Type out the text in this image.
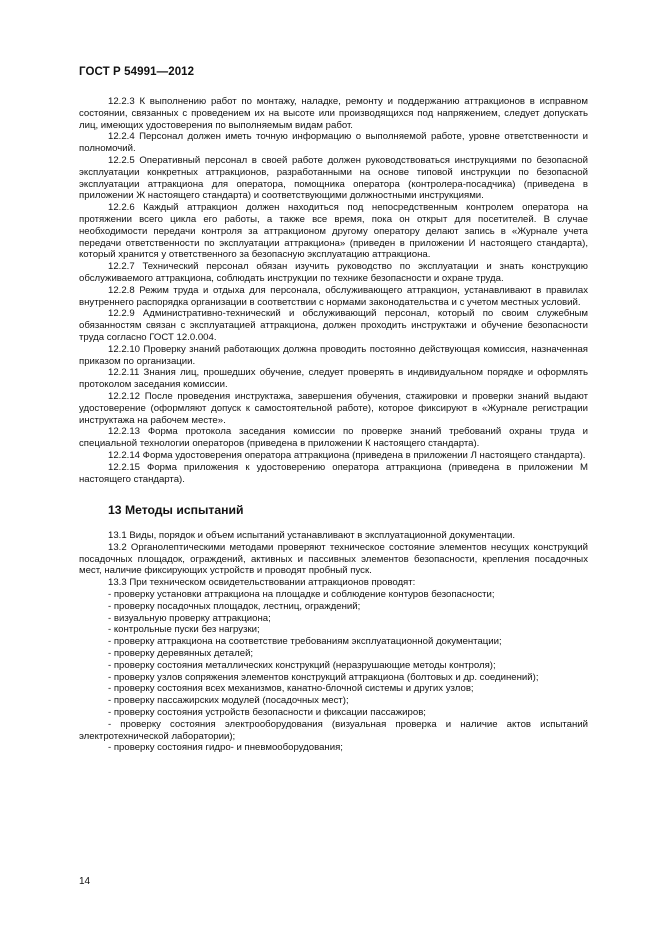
ГОСТ Р 54991—2012

12.2.3 К выполнению работ по монтажу, наладке, ремонту и поддержанию аттракционов в исправном состоянии, связанных с проведением их на высоте или производящихся под напряжением, следует допускать лиц, имеющих удостоверения по выполняемым видам работ.

12.2.4 Персонал должен иметь точную информацию о выполняемой работе, уровне ответственности и полномочий.

12.2.5 Оперативный персонал в своей работе должен руководствоваться инструкциями по безопасной эксплуатации конкретных аттракционов, разработанными на основе типовой инструкции по безопасной эксплуатации аттракциона для оператора, помощника оператора (контролера-посадчика) (приведена в приложении Ж настоящего стандарта) и соответствующими должностными инструкциями.

12.2.6 Каждый аттракцион должен находиться под непосредственным контролем оператора на протяжении всего цикла его работы, а также все время, пока он открыт для посетителей. В случае необходимости передачи контроля за аттракционом другому оператору делают запись в «Журнале учета передачи ответственности по эксплуатации аттракциона» (приведен в приложении И настоящего стандарта), который хранится у ответственного за безопасную эксплуатацию аттракциона.

12.2.7 Технический персонал обязан изучить руководство по эксплуатации и знать конструкцию обслуживаемого аттракциона, соблюдать инструкции по технике безопасности и охране труда.

12.2.8 Режим труда и отдыха для персонала, обслуживающего аттракцион, устанавливают в правилах внутреннего распорядка организации в соответствии с нормами законодательства и с учетом местных условий.

12.2.9 Административно-технический и обслуживающий персонал, который по своим служебным обязанностям связан с эксплуатацией аттракциона, должен проходить инструктажи и обучение безопасности труда согласно ГОСТ 12.0.004.

12.2.10 Проверку знаний работающих должна проводить постоянно действующая комиссия, назначенная приказом по организации.

12.2.11 Знания лиц, прошедших обучение, следует проверять в индивидуальном порядке и оформлять протоколом заседания комиссии.

12.2.12 После проведения инструктажа, завершения обучения, стажировки и проверки знаний выдают удостоверение (оформляют допуск к самостоятельной работе), которое фиксируют в «Журнале регистрации инструктажа на рабочем месте».

12.2.13 Форма протокола заседания комиссии по проверке знаний требований охраны труда и специальной технологии операторов (приведена в приложении К настоящего стандарта).

12.2.14 Форма удостоверения оператора аттракциона (приведена в приложении Л настоящего стандарта).

12.2.15 Форма приложения к удостоверению оператора аттракциона (приведена в приложении М настоящего стандарта).

13 Методы испытаний

13.1 Виды, порядок и объем испытаний устанавливают в эксплуатационной документации.

13.2 Органолептическими методами проверяют техническое состояние элементов несущих конструкций посадочных площадок, ограждений, активных и пассивных элементов безопасности, крепления посадочных мест, наличие фиксирующих устройств и проводят пробный пуск.

13.3 При техническом освидетельствовании аттракционов проводят:

- проверку установки аттракциона на площадке и соблюдение контуров безопасности;

- проверку посадочных площадок, лестниц, ограждений;

- визуальную проверку аттракциона;

- контрольные пуски без нагрузки;

- проверку аттракциона на соответствие требованиям эксплуатационной документации;

- проверку деревянных деталей;

- проверку состояния металлических конструкций (неразрушающие методы контроля);

- проверку узлов сопряжения элементов конструкций аттракциона (болтовых и др. соединений);

- проверку состояния всех механизмов, канатно-блочной системы и других узлов;

- проверку пассажирских модулей (посадочных мест);

- проверку состояния устройств безопасности и фиксации пассажиров;

- проверку состояния электрооборудования (визуальная проверка и наличие актов испытаний электротехнической лаборатории);

- проверку состояния гидро- и пневмооборудования;

14
